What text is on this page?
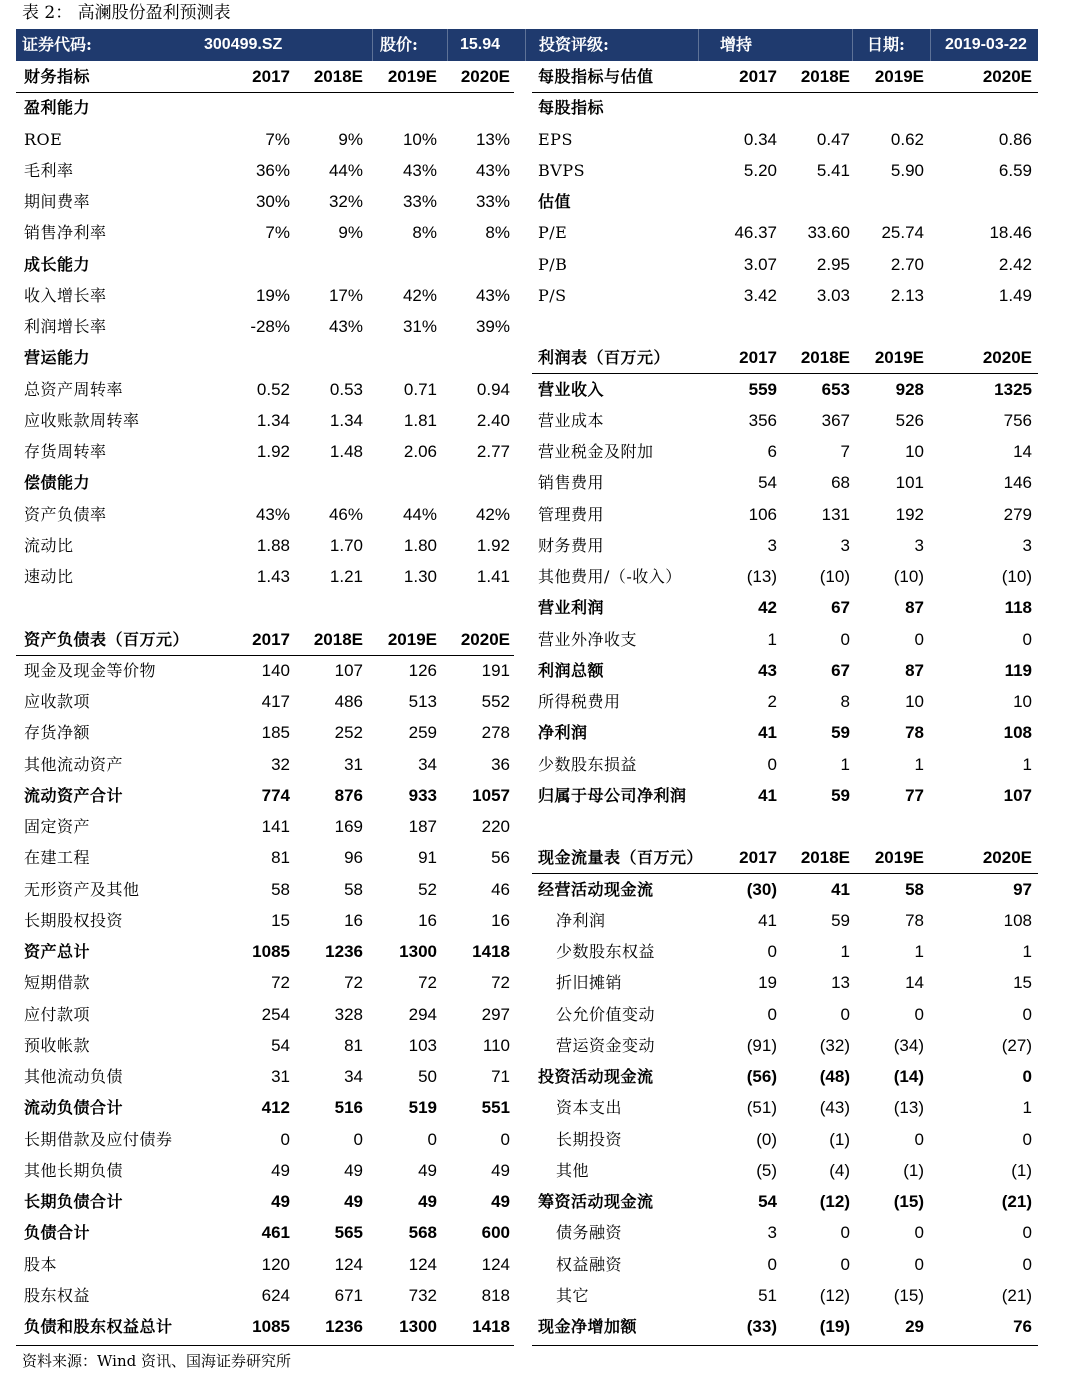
表 2： 高澜股份盈利预测表
证券代码:	300499.SZ	股价:	15.94 投资评级:	增持	日期:	2019-03-22
财务指标	2017 2018E 2019E 2020E
盈利能力
ROE	7%	9% 10% 13%
毛利率	36% 44% 43% 43%
期间费率	30% 32% 33% 33%
销售净利率	7%	9%	8%	8%
成长能力
收入增长率	19% 17% 42% 43%
利润增长率	-28% 43% 31% 39%
营运能力
总资产周转率	0.52 0.53 0.71 0.94
应收账款周转率	1.34 1.34 1.81 2.40
存货周转率	1.92 1.48 2.06 2.77
偿债能力
资产负债率	43% 46% 44% 42%
流动比	1.88 1.70 1.80 1.92
速动比	1.43 1.21 1.30 1.41
资产负债表（百万元）	2017 2018E 2019E 2020E
现金及现金等价物	140	107	126	191
应收款项	417	486	513	552
存货净额	185	252	259	278
其他流动资产	32	31	34	36
流动资产合计	774	876	933 1057
固定资产	141	169	187	220
在建工程	81	96	91	56
无形资产及其他	58	58	52	46
长期股权投资	15	16	16	16
资产总计	1085 1236 1300 1418
短期借款	72	72	72	72
应付款项	254	328	294	297
预收帐款	54	81	103	110
其他流动负债	31	34	50	71
流动负债合计	412	516	519	551
长期借款及应付债券	0	0	0	0
其他长期负债	49	49	49	49
长期负债合计	49	49	49	49
负债合计	461	565	568	600
股本	120	124	124	124
股东权益	624	671	732	818
负债和股东权益总计	1085 1236 1300 1418
每股指标与估值	2017 2018E 2019E	2020E
每股指标
EPS	0.34 0.47 0.62	0.86
BVPS	5.20 5.41 5.90	6.59
估值
P/E	46.37 33.60 25.74	18.46
P/B	3.07 2.95 2.70	2.42
P/S	3.42 3.03 2.13	1.49
利润表（百万元）	2017 2018E 2019E	2020E
营业收入	559	653	928	1325
营业成本	356	367	526	756
营业税金及附加	6	7	10	14
销售费用	54	68	101	146
管理费用	106	131	192	279
财务费用	3	3	3	3
其他费用/（-收入）	(13)	(10)	(10)	(10)
营业利润	42	67	87	118
营业外净收支	1	0	0	0
利润总额	43	67	87	119
所得税费用	2	8	10	10
净利润	41	59	78	108
少数股东损益	0	1	1	1
归属于母公司净利润	41	59	77	107
现金流量表（百万元） 2017 2018E 2019E	2020E
经营活动现金流	(30)	41	58	97
净利润	41	59	78	108
少数股东权益	0	1	1	1
折旧摊销	19	13	14	15
公允价值变动	0	0	0	0
营运资金变动	(91)	(32)	(34)	(27)
投资活动现金流	(56)	(48)	(14)	0
资本支出	(51)	(43)	(13)	1
长期投资	(0)	(1)	0	0
其他	(5)	(4)	(1)	(1)
筹资活动现金流	54	(12)	(15)	(21)
债务融资	3	0	0	0
权益融资	0	0	0	0
其它	51	(12)	(15)	(21)
现金净增加额	(33)	(19)	29	76
资料来源：Wind 资讯、国海证券研究所
